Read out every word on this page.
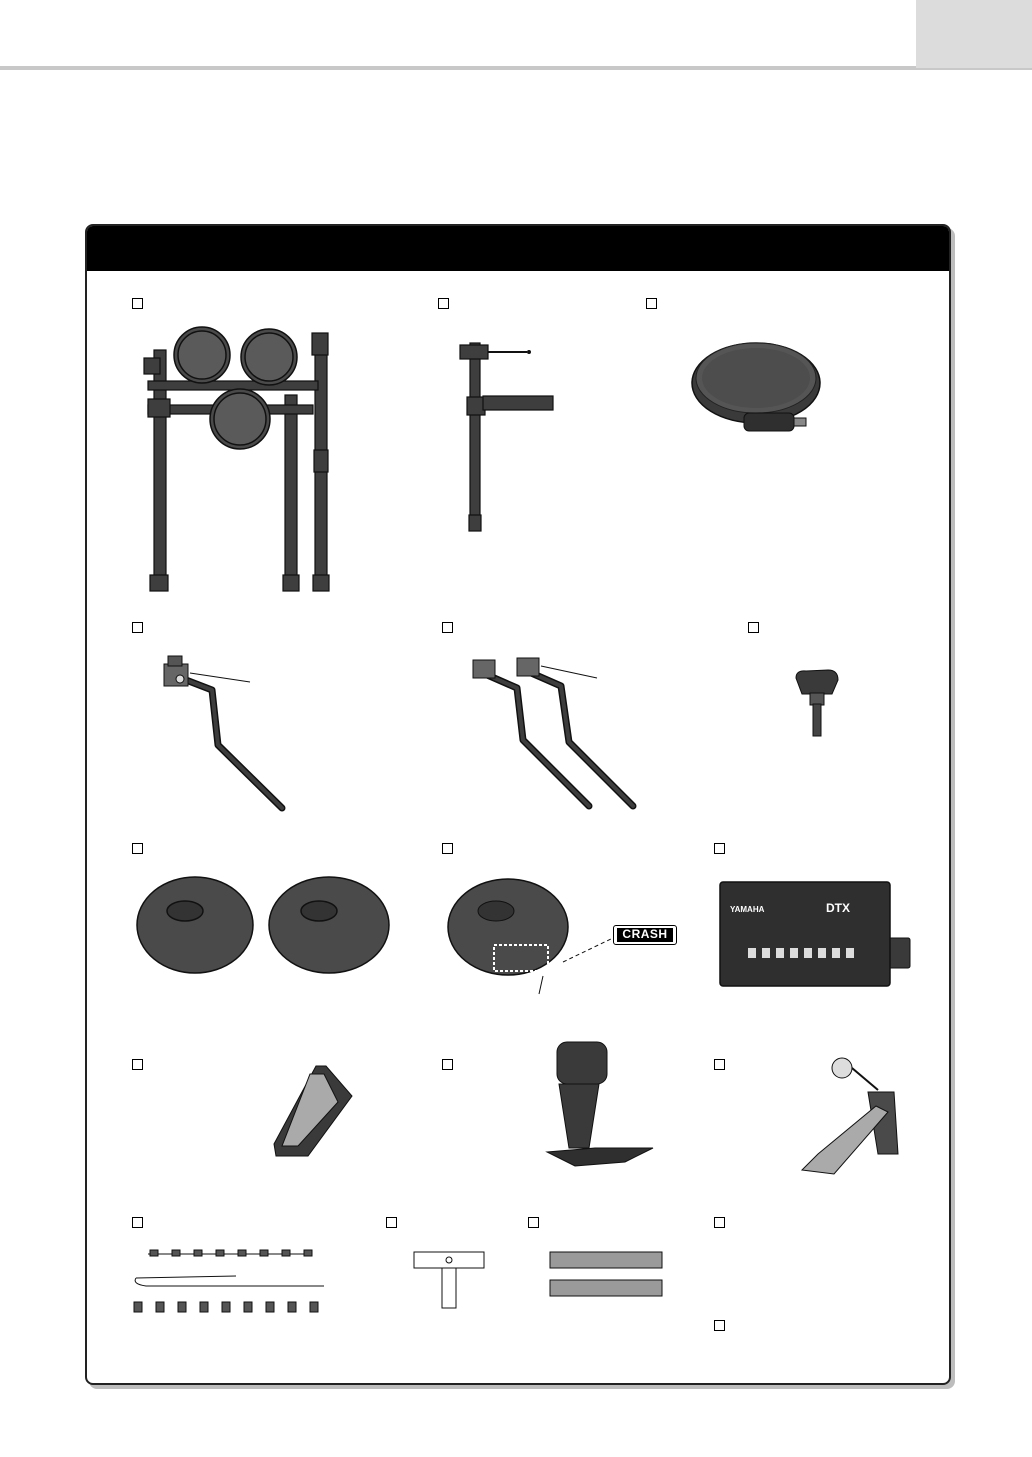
CRASH
YAMAHA	DTX
